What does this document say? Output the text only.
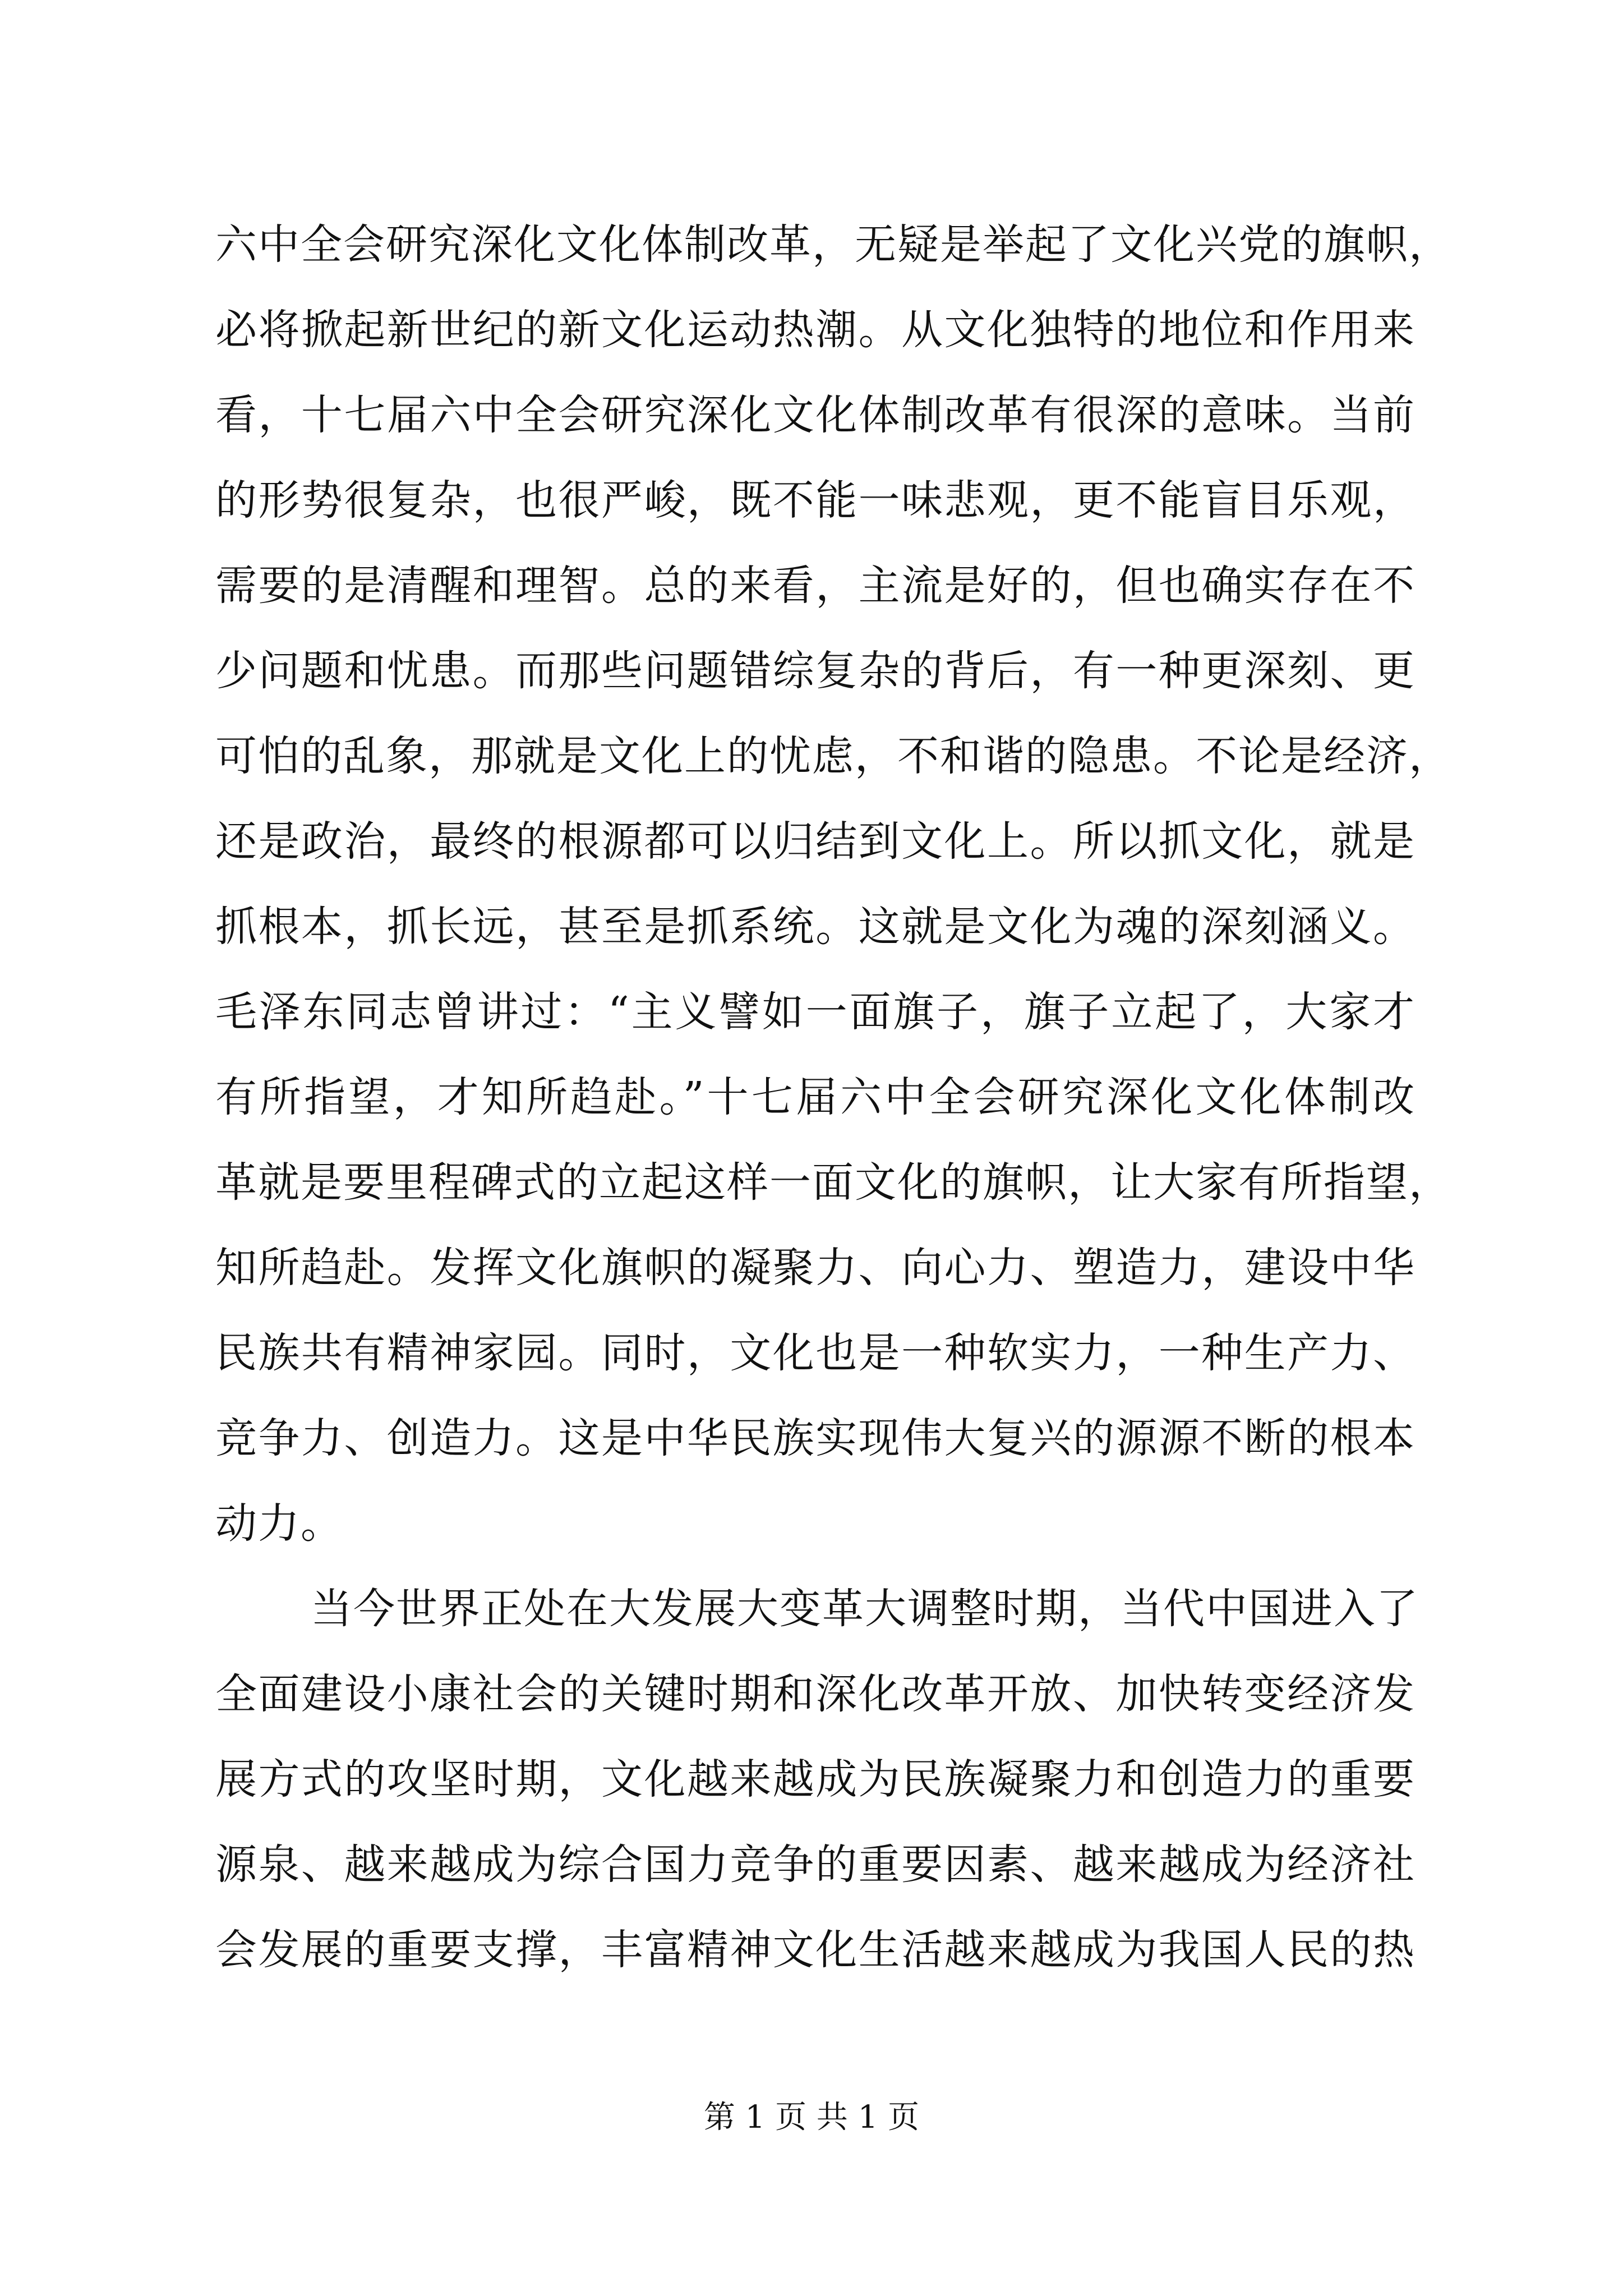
六中全会研究深化文化体制改革，无疑是举起了文化兴党的旗帜，
必将掀起新世纪的新文化运动热潮。从文化独特的地位和作用来
看，十七届六中全会研究深化文化体制改革有很深的意味。当前
的形势很复杂，也很严峻，既不能一味悲观，更不能盲目乐观，
需要的是清醒和理智。总的来看，主流是好的，但也确实存在不
少问题和忧患。而那些问题错综复杂的背后，有一种更深刻、更
可怕的乱象，那就是文化上的忧虑，不和谐的隐患。不论是经济，
还是政治，最终的根源都可以归结到文化上。所以抓文化，就是
抓根本，抓长远，甚至是抓系统。这就是文化为魂的深刻涵义。
毛泽东同志曾讲过：“主义譬如一面旗子，旗子立起了，大家才
有所指望，才知所趋赴。”十七届六中全会研究深化文化体制改
革就是要里程碑式的立起这样一面文化的旗帜，让大家有所指望，
知所趋赴。发挥文化旗帜的凝聚力、向心力、塑造力，建设中华
民族共有精神家园。同时，文化也是一种软实力，一种生产力、
竞争力、创造力。这是中华民族实现伟大复兴的源源不断的根本
动力。
当今世界正处在大发展大变革大调整时期，当代中国进入了
全面建设小康社会的关键时期和深化改革开放、加快转变经济发
展方式的攻坚时期，文化越来越成为民族凝聚力和创造力的重要
源泉、越来越成为综合国力竞争的重要因素、越来越成为经济社
会发展的重要支撑，丰富精神文化生活越来越成为我国人民的热
第 1 页 共 1 页
